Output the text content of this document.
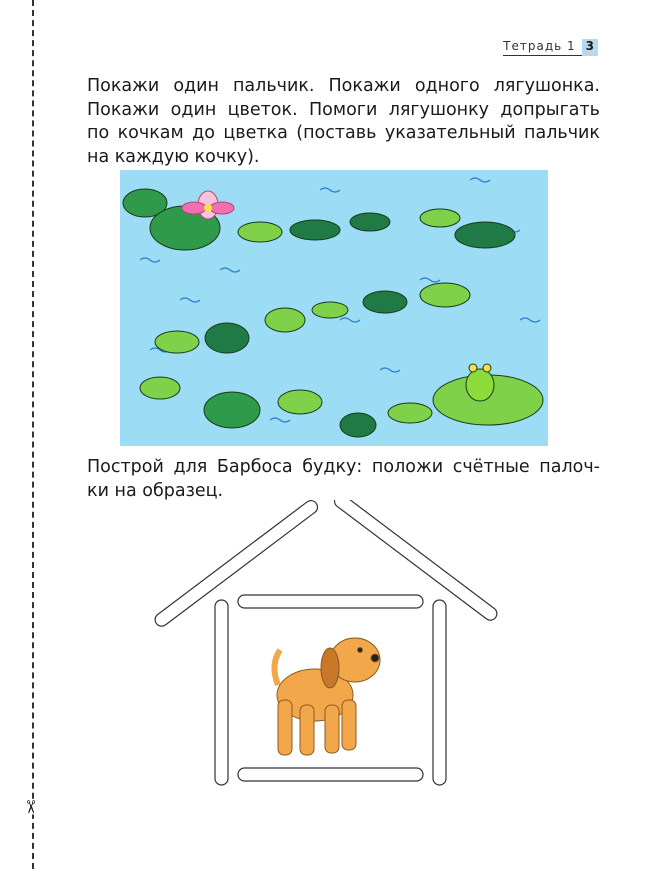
✂
Тетрадь 1 3
Покажи один пальчик. Покажи одного лягушонка.
Покажи один цветок. Помоги лягушонку допрыгать
по кочкам до цветка (поставь указательный пальчик
на каждую кочку).
Построй для Барбоса будку: положи счётные палоч-
ки на образец.
